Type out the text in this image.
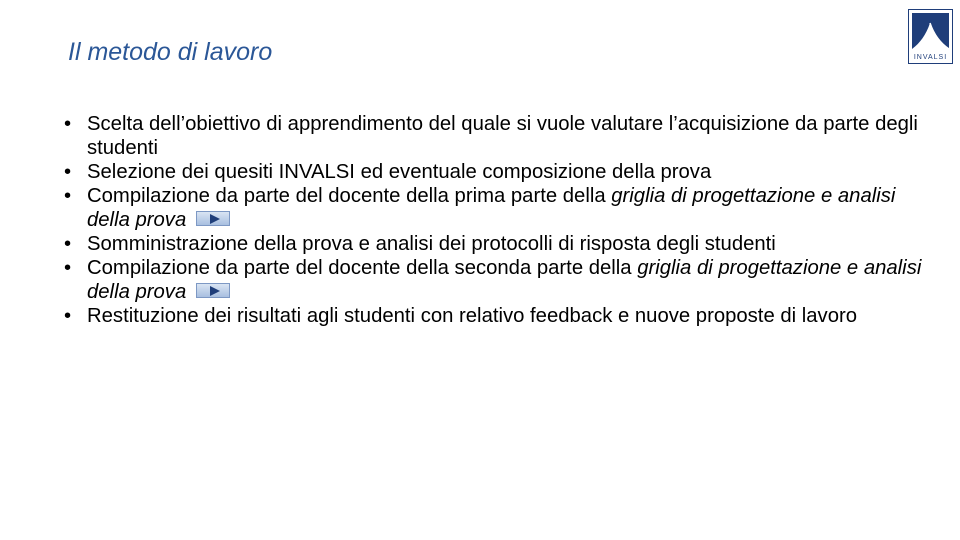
Il metodo di lavoro	INVALSI
• Scelta dell’obiettivo di apprendimento del quale si vuole valutare l’acquisizione da parte degli studenti
• Selezione dei quesiti INVALSI ed eventuale composizione della prova
• Compilazione da parte del docente della prima parte della griglia di progettazione e analisi della prova
• Somministrazione della prova e analisi dei protocolli di risposta degli studenti
• Compilazione da parte del docente della seconda parte della griglia di progettazione e analisi della prova
• Restituzione dei risultati agli studenti con relativo feedback e nuove proposte di lavoro
